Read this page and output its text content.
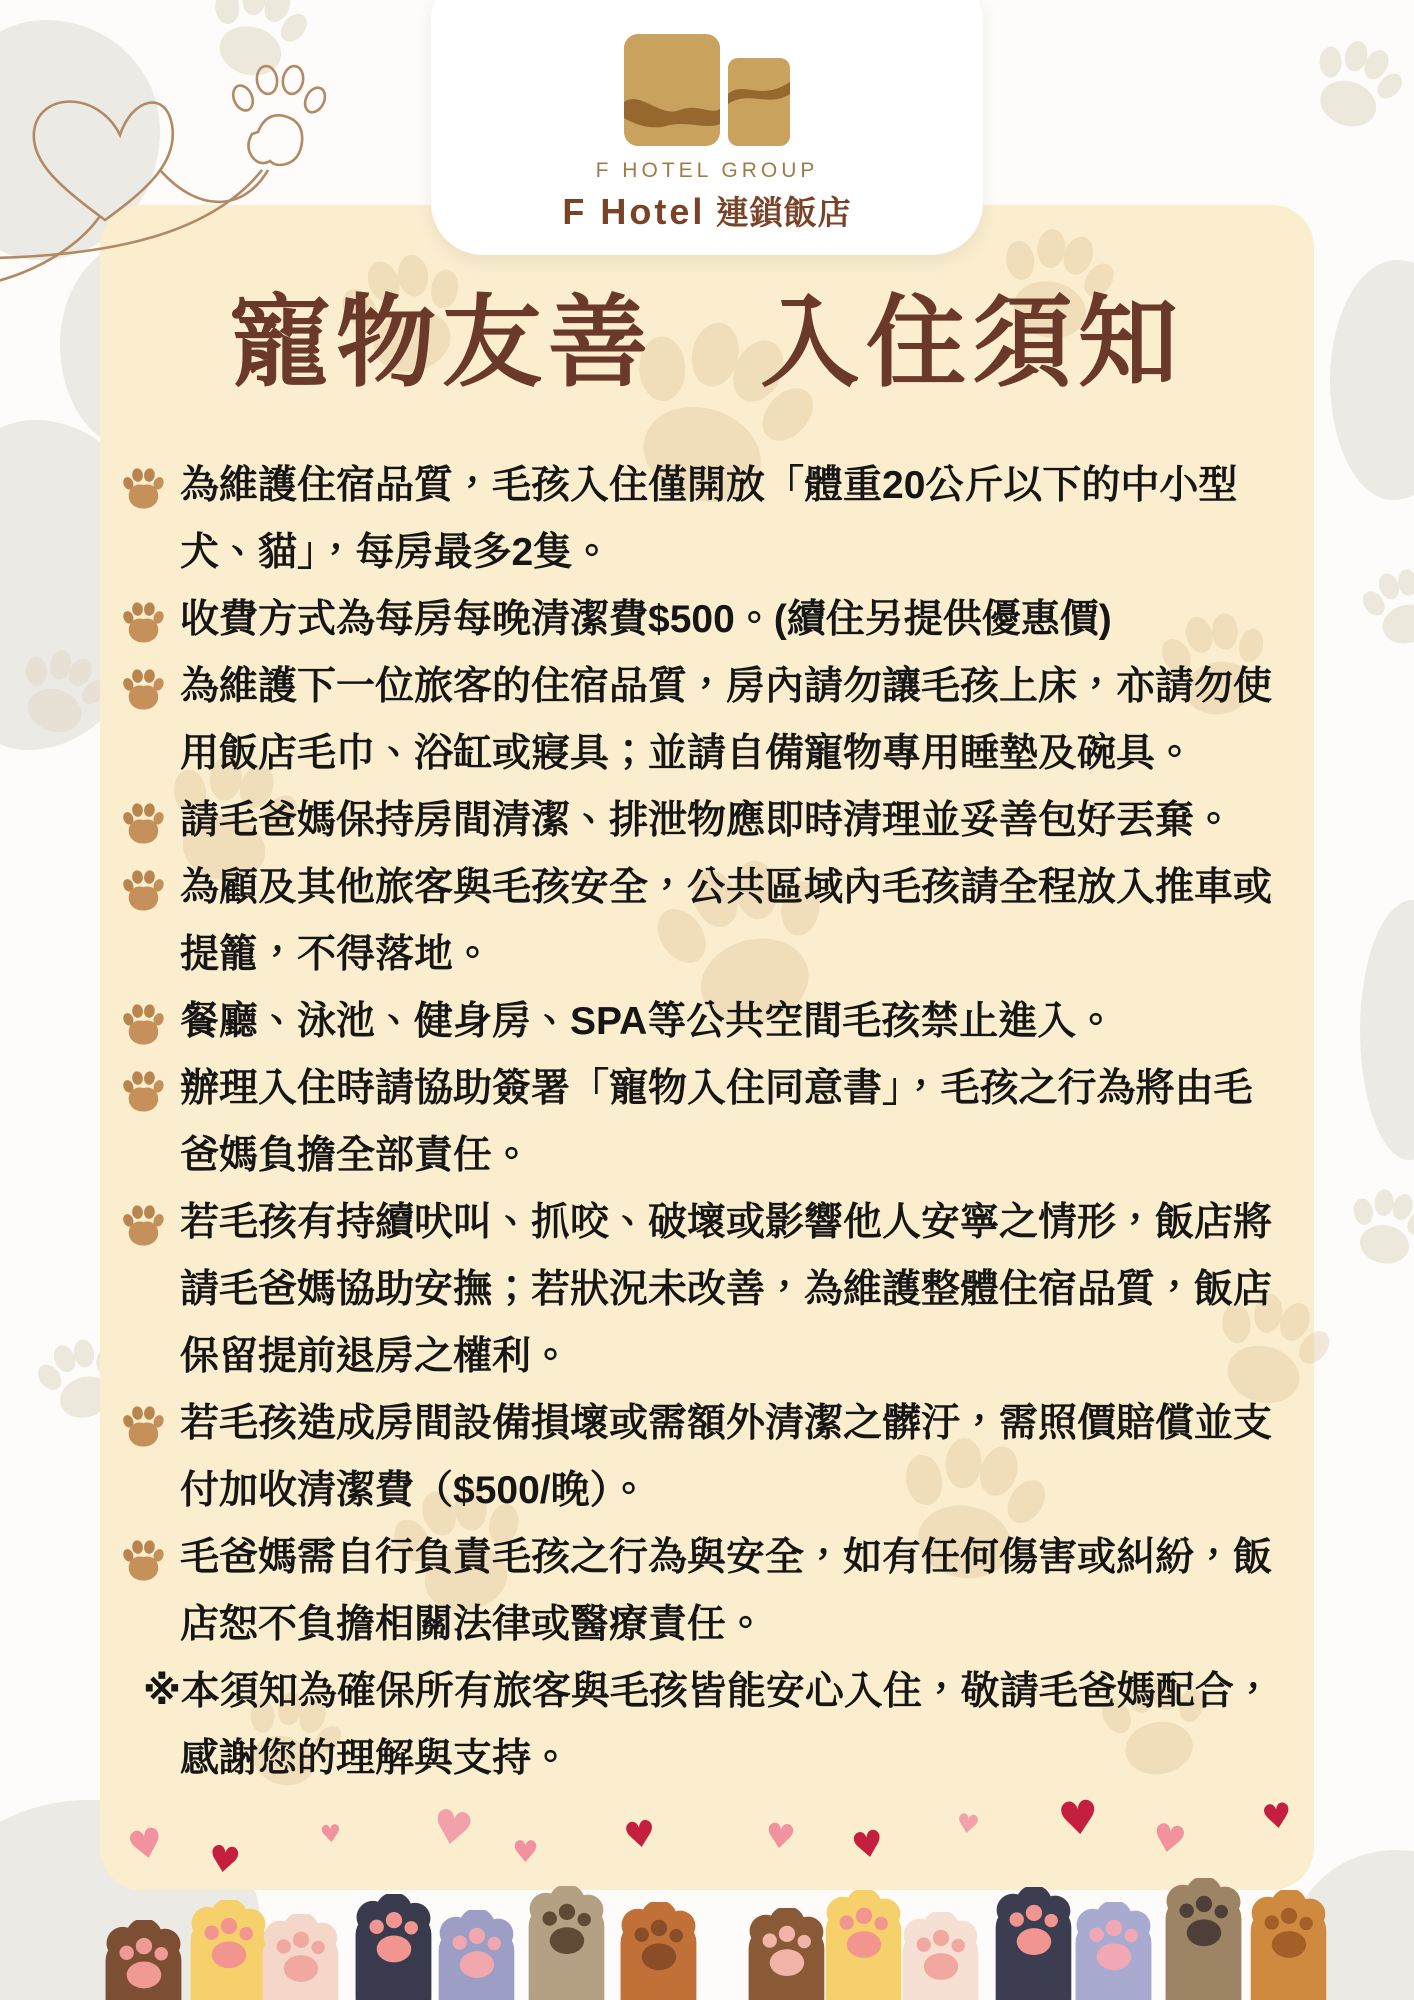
F HOTEL GROUP
F Hotel 連鎖飯店
寵物友善　入住須知
為維護住宿品質，毛孩入住僅開放「體重20公斤以下的中小型犬、貓」，每房最多2隻。
收費方式為每房每晚清潔費$500。(續住另提供優惠價)
為維護下一位旅客的住宿品質，房內請勿讓毛孩上床，亦請勿使用飯店毛巾、浴缸或寢具；並請自備寵物專用睡墊及碗具。
請毛爸媽保持房間清潔、排泄物應即時清理並妥善包好丟棄。
為顧及其他旅客與毛孩安全，公共區域內毛孩請全程放入推車或提籠，不得落地。
餐廳、泳池、健身房、SPA等公共空間毛孩禁止進入。
辦理入住時請協助簽署「寵物入住同意書」，毛孩之行為將由毛爸媽負擔全部責任。
若毛孩有持續吠叫、抓咬、破壞或影響他人安寧之情形，飯店將請毛爸媽協助安撫；若狀況未改善，為維護整體住宿品質，飯店保留提前退房之權利。
若毛孩造成房間設備損壞或需額外清潔之髒汙，需照價賠償並支付加收清潔費（$500/晚）。
毛爸媽需自行負責毛孩之行為與安全，如有任何傷害或糾紛，飯店恕不負擔相關法律或醫療責任。
※本須知為確保所有旅客與毛孩皆能安心入住，敬請毛爸媽配合，感謝您的理解與支持。
♥ ♥
♥ ♥ ♥ ♥	♥ ♥	♥ ♥ ♥ ♥
